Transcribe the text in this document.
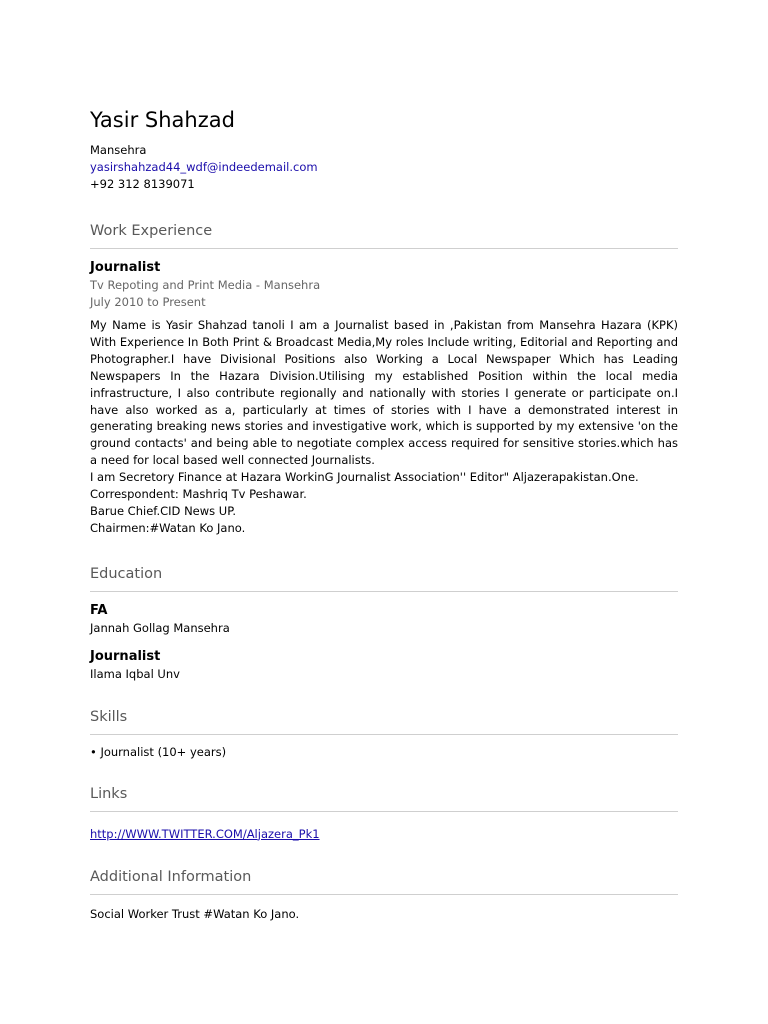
Yasir Shahzad
Mansehra
yasirshahzad44_wdf@indeedemail.com
+92 312 8139071
Work Experience
Journalist
Tv Repoting and Print Media - Mansehra
July 2010 to Present
My Name is Yasir Shahzad tanoli I am a Journalist based in ,Pakistan from Mansehra Hazara (KPK) With Experience In Both Print & Broadcast Media,My roles Include writing, Editorial and Reporting and Photographer.I have Divisional Positions also Working a Local Newspaper Which has Leading Newspapers In the Hazara Division.Utilising my established Position within the local media infrastructure, I also contribute regionally and nationally with stories I generate or participate on.I have also worked as a, particularly at times of stories with I have a demonstrated interest in generating breaking news stories and investigative work, which is supported by my extensive 'on the ground contacts' and being able to negotiate complex access required for sensitive stories.which has a need for local based well connected Journalists.
I am Secretory Finance at Hazara WorkinG Journalist Association'' Editor" Aljazerapakistan.One.
Correspondent: Mashriq Tv Peshawar.
Barue Chief.CID News UP.
Chairmen:#Watan Ko Jano.
Education
FA
Jannah Gollag Mansehra
Journalist
Ilama Iqbal Unv
Skills
• Journalist (10+ years)
Links
http://WWW.TWITTER.COM/Aljazera_Pk1
Additional Information
Social Worker Trust #Watan Ko Jano.
